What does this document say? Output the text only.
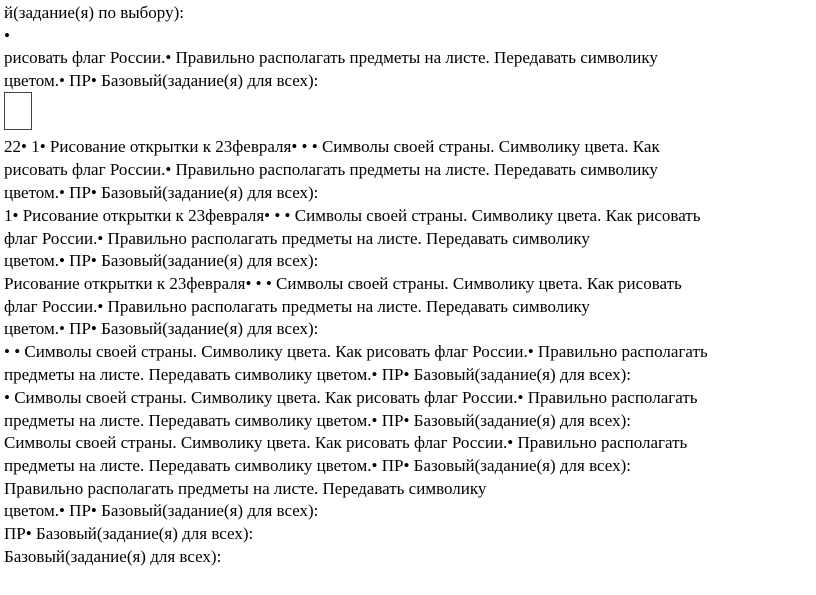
й(задание(я) по выбору):
•
рисовать флаг России.• Правильно располагать предметы на листе. Передавать символику
цветом.• ПР• Базовый(задание(я) для всех):
22• 1• Рисование открытки к 23февраля• • • Символы своей страны. Символику цвета. Как
рисовать флаг России.• Правильно располагать предметы на листе. Передавать символику
цветом.• ПР• Базовый(задание(я) для всех):
1• Рисование открытки к 23февраля• • • Символы своей страны. Символику цвета. Как рисовать
флаг России.• Правильно располагать предметы на листе. Передавать символику
цветом.• ПР• Базовый(задание(я) для всех):
Рисование открытки к 23февраля• • • Символы своей страны. Символику цвета. Как рисовать
флаг России.• Правильно располагать предметы на листе. Передавать символику
цветом.• ПР• Базовый(задание(я) для всех):
• • Символы своей страны. Символику цвета. Как рисовать флаг России.• Правильно располагать
предметы на листе. Передавать символику цветом.• ПР• Базовый(задание(я) для всех):
• Символы своей страны. Символику цвета. Как рисовать флаг России.• Правильно располагать
предметы на листе. Передавать символику цветом.• ПР• Базовый(задание(я) для всех):
Символы своей страны. Символику цвета. Как рисовать флаг России.• Правильно располагать
предметы на листе. Передавать символику цветом.• ПР• Базовый(задание(я) для всех):
Правильно располагать предметы на листе. Передавать символику
цветом.• ПР• Базовый(задание(я) для всех):
ПР• Базовый(задание(я) для всех):
Базовый(задание(я) для всех):
